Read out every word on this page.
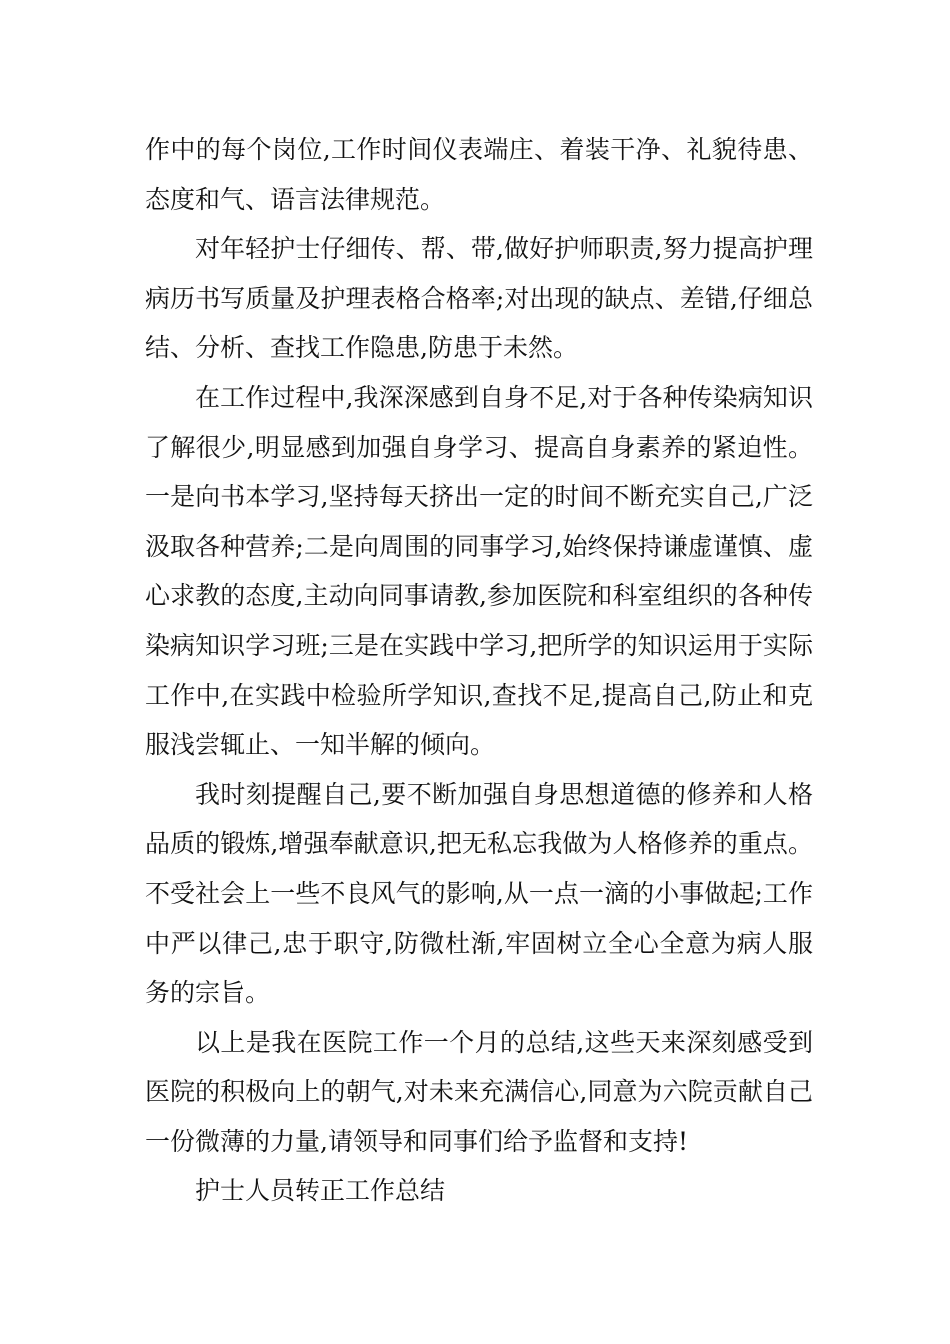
作中的每个岗位,工作时间仪表端庄、着装干净、礼貌待患、态度和气、语言法律规范。

对年轻护士仔细传、帮、带,做好护师职责,努力提高护理病历书写质量及护理表格合格率;对出现的缺点、差错,仔细总结、分析、查找工作隐患,防患于未然。

在工作过程中,我深深感到自身不足,对于各种传染病知识了解很少,明显感到加强自身学习、提高自身素养的紧迫性。一是向书本学习,坚持每天挤出一定的时间不断充实自己,广泛汲取各种营养;二是向周围的同事学习,始终保持谦虚谨慎、虚心求教的态度,主动向同事请教,参加医院和科室组织的各种传染病知识学习班;三是在实践中学习,把所学的知识运用于实际工作中,在实践中检验所学知识,查找不足,提高自己,防止和克服浅尝辄止、一知半解的倾向。

我时刻提醒自己,要不断加强自身思想道德的修养和人格品质的锻炼,增强奉献意识,把无私忘我做为人格修养的重点。不受社会上一些不良风气的影响,从一点一滴的小事做起;工作中严以律己,忠于职守,防微杜渐,牢固树立全心全意为病人服务的宗旨。

以上是我在医院工作一个月的总结,这些天来深刻感受到医院的积极向上的朝气,对未来充满信心,同意为六院贡献自己一份微薄的力量,请领导和同事们给予监督和支持!

护士人员转正工作总结
